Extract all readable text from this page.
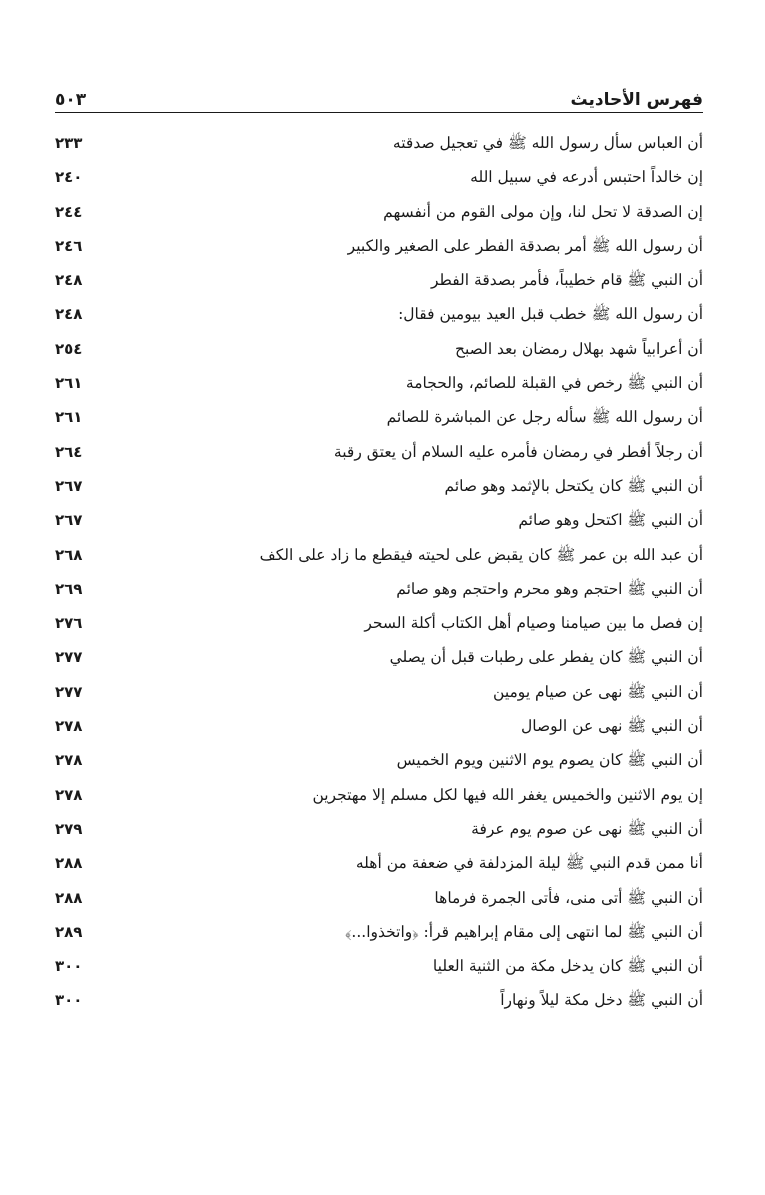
فهرس الأحاديث
٥٠٣
أن العباس سأل رسول الله ﷺ في تعجيل صدقته
٢٣٣
إن خالداً احتبس أدرعه في سبيل الله
٢٤٠
إن الصدقة لا تحل لنا، وإن مولى القوم من أنفسهم
٢٤٤
أن رسول الله ﷺ أمر بصدقة الفطر على الصغير والكبير
٢٤٦
أن النبي ﷺ قام خطيباً، فأمر بصدقة الفطر
٢٤٨
أن رسول الله ﷺ خطب قبل العيد بيومين فقال:
٢٤٨
أن أعرابياً شهد بهلال رمضان بعد الصبح
٢٥٤
أن النبي ﷺ رخص في القبلة للصائم، والحجامة
٢٦١
أن رسول الله ﷺ سأله رجل عن المباشرة للصائم
٢٦١
أن رجلاً أفطر في رمضان فأمره عليه السلام أن يعتق رقبة
٢٦٤
أن النبي ﷺ كان يكتحل بالإثمد وهو صائم
٢٦٧
أن النبي ﷺ اكتحل وهو صائم
٢٦٧
أن عبد الله بن عمر ﷺ كان يقبض على لحيته فيقطع ما زاد على الكف
٢٦٨
أن النبي ﷺ احتجم وهو محرم واحتجم وهو صائم
٢٦٩
إن فصل ما بين صيامنا وصيام أهل الكتاب أكلة السحر
٢٧٦
أن النبي ﷺ كان يفطر على رطبات قبل أن يصلي
٢٧٧
أن النبي ﷺ نهى عن صيام يومين
٢٧٧
أن النبي ﷺ نهى عن الوصال
٢٧٨
أن النبي ﷺ كان يصوم يوم الاثنين ويوم الخميس
٢٧٨
إن يوم الاثنين والخميس يغفر الله فيها لكل مسلم إلا مهتجرين
٢٧٨
أن النبي ﷺ نهى عن صوم يوم عرفة
٢٧٩
أنا ممن قدم النبي ﷺ ليلة المزدلفة في ضعفة من أهله
٢٨٨
أن النبي ﷺ أتى منى، فأتى الجمرة فرماها
٢٨٨
أن النبي ﷺ لما انتهى إلى مقام إبراهيم قرأ: ﴿واتخذوا...﴾
٢٨٩
أن النبي ﷺ كان يدخل مكة من الثنية العليا
٣٠٠
أن النبي ﷺ دخل مكة ليلاً ونهاراً
٣٠٠
